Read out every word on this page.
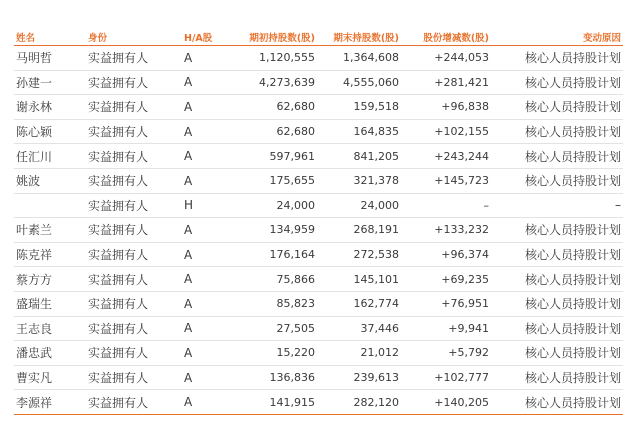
姓名	身份	H/A股	期初持股数(股)	期末持股数(股)	股份增减数(股)	变动原因
马明哲	实益拥有人	A	1,120,555	1,364,608	+244,053	核心人员持股计划
孙建一	实益拥有人	A	4,273,639	4,555,060	+281,421	核心人员持股计划
谢永林	实益拥有人	A	62,680	159,518	+96,838	核心人员持股计划
陈心颖	实益拥有人	A	62,680	164,835	+102,155	核心人员持股计划
任汇川	实益拥有人	A	597,961	841,205	+243,244	核心人员持股计划
姚波	实益拥有人	A	175,655	321,378	+145,723	核心人员持股计划
	实益拥有人	H	24,000	24,000	–	–
叶素兰	实益拥有人	A	134,959	268,191	+133,232	核心人员持股计划
陈克祥	实益拥有人	A	176,164	272,538	+96,374	核心人员持股计划
蔡方方	实益拥有人	A	75,866	145,101	+69,235	核心人员持股计划
盛瑞生	实益拥有人	A	85,823	162,774	+76,951	核心人员持股计划
王志良	实益拥有人	A	27,505	37,446	+9,941	核心人员持股计划
潘忠武	实益拥有人	A	15,220	21,012	+5,792	核心人员持股计划
曹实凡	实益拥有人	A	136,836	239,613	+102,777	核心人员持股计划
李源祥	实益拥有人	A	141,915	282,120	+140,205	核心人员持股计划
